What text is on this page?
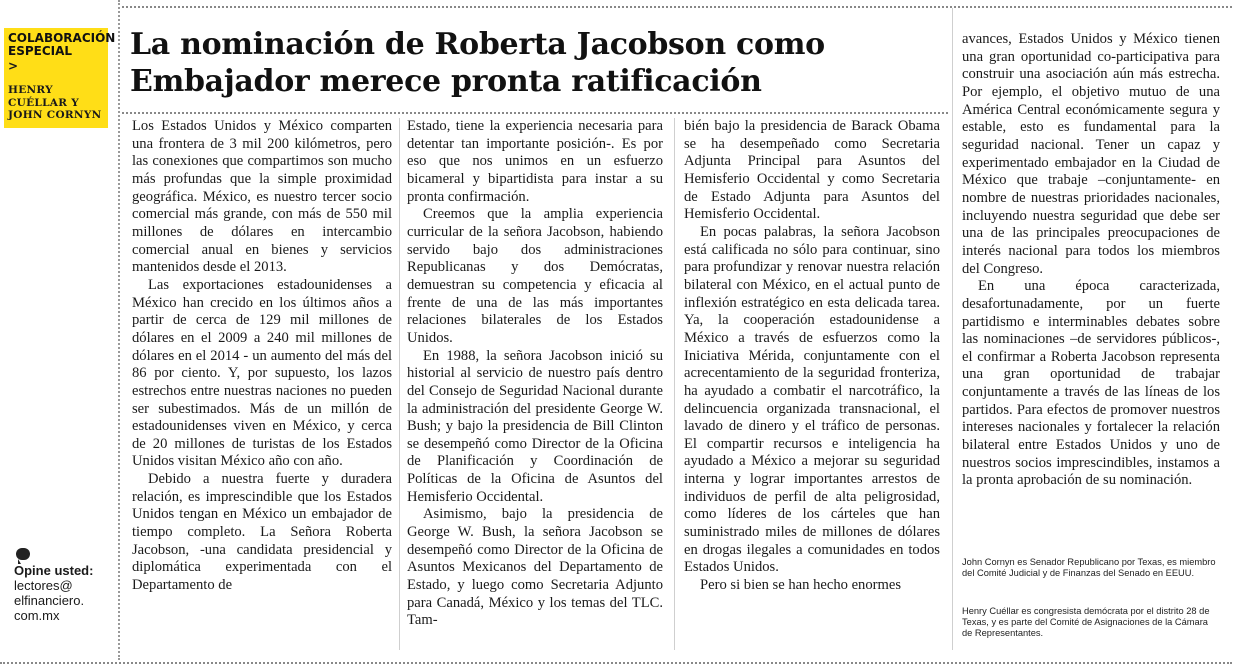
COLABORACIÓN ESPECIAL
>
HENRY
CUÉLLAR Y
JOHN CORNYN
Opine usted:
lectores@
elfinanciero.
com.mx
La nominación de Roberta Jacobson como
Embajador merece pronta ratificación

Los Estados Unidos y México comparten una frontera de 3 mil 200 kilómetros, pero las conexiones que compartimos son mucho más profundas que la simple proximidad geográfica. México, es nuestro tercer socio comercial más grande, con más de 550 mil millones de dólares en intercambio comercial anual en bienes y servicios mantenidos desde el 2013.

Las exportaciones estadounidenses a México han crecido en los últimos años a partir de cerca de 129 mil millones de dólares en el 2009 a 240 mil millones de dólares en el 2014 - un aumento del más del 86 por ciento. Y, por supuesto, los lazos estrechos entre nuestras naciones no pueden ser subestimados. Más de un millón de estadounidenses viven en México, y cerca de 20 millones de turistas de los Estados Unidos visitan México año con año.

Debido a nuestra fuerte y duradera relación, es imprescindible que los Estados Unidos tengan en México un embajador de tiempo completo. La Señora Roberta Jacobson, -una candidata presidencial y diplomática experimentada con el Departamento de

Estado, tiene la experiencia necesaria para detentar tan importante posición-. Es por eso que nos unimos en un esfuerzo bicameral y bipartidista para instar a su pronta confirmación.

Creemos que la amplia experiencia curricular de la señora Jacobson, habiendo servido bajo dos administraciones Republicanas y dos Demócratas, demuestran su competencia y eficacia al frente de una de las más importantes relaciones bilaterales de los Estados Unidos.

En 1988, la señora Jacobson inició su historial al servicio de nuestro país dentro del Consejo de Seguridad Nacional durante la administración del presidente George W. Bush; y bajo la presidencia de Bill Clinton se desempeñó como Director de la Oficina de Planificación y Coordinación de Políticas de la Oficina de Asuntos del Hemisferio Occidental.

Asimismo, bajo la presidencia de George W. Bush, la señora Jacobson se desempeñó como Director de la Oficina de Asuntos Mexicanos del Departamento de Estado, y luego como Secretaria Adjunto para Canadá, México y los temas del TLC. Tam-

bién bajo la presidencia de Barack Obama se ha desempeñado como Secretaria Adjunta Principal para Asuntos del Hemisferio Occidental y como Secretaria de Estado Adjunta para Asuntos del Hemisferio Occidental.

En pocas palabras, la señora Jacobson está calificada no sólo para continuar, sino para profundizar y renovar nuestra relación bilateral con México, en el actual punto de inflexión estratégico en esta delicada tarea. Ya, la cooperación estadounidense a México a través de esfuerzos como la Iniciativa Mérida, conjuntamente con el acrecentamiento de la seguridad fronteriza, ha ayudado a combatir el narcotráfico, la delincuencia organizada transnacional, el lavado de dinero y el tráfico de personas. El compartir recursos e inteligencia ha ayudado a México a mejorar su seguridad interna y lograr importantes arrestos de individuos de perfil de alta peligrosidad, como líderes de los cárteles que han suministrado miles de millones de dólares en drogas ilegales a comunidades en todos Estados Unidos.

Pero si bien se han hecho enormes

avances, Estados Unidos y México tienen una gran oportunidad co-participativa para construir una asociación aún más estrecha. Por ejemplo, el objetivo mutuo de una América Central económicamente segura y estable, esto es fundamental para la seguridad nacional. Tener un capaz y experimentado embajador en la Ciudad de México que trabaje –conjuntamente- en nombre de nuestras prioridades nacionales, incluyendo nuestra seguridad que debe ser una de las principales preocupaciones de interés nacional para todos los miembros del Congreso.

En una época caracterizada, desafortunadamente, por un fuerte partidismo e interminables debates sobre las nominaciones –de servidores públicos-, el confirmar a Roberta Jacobson representa una gran oportunidad de trabajar conjuntamente a través de las líneas de los partidos. Para efectos de promover nuestros intereses nacionales y fortalecer la relación bilateral entre Estados Unidos y uno de nuestros socios imprescindibles, instamos a la pronta aprobación de su nominación.

John Cornyn es Senador Republicano por Texas, es miembro del Comité Judicial y de Finanzas del Senado en EEUU.
Henry Cuéllar es congresista demócrata por el distrito 28 de Texas, y es parte del Comité de Asignaciones de la Cámara de Representantes.
